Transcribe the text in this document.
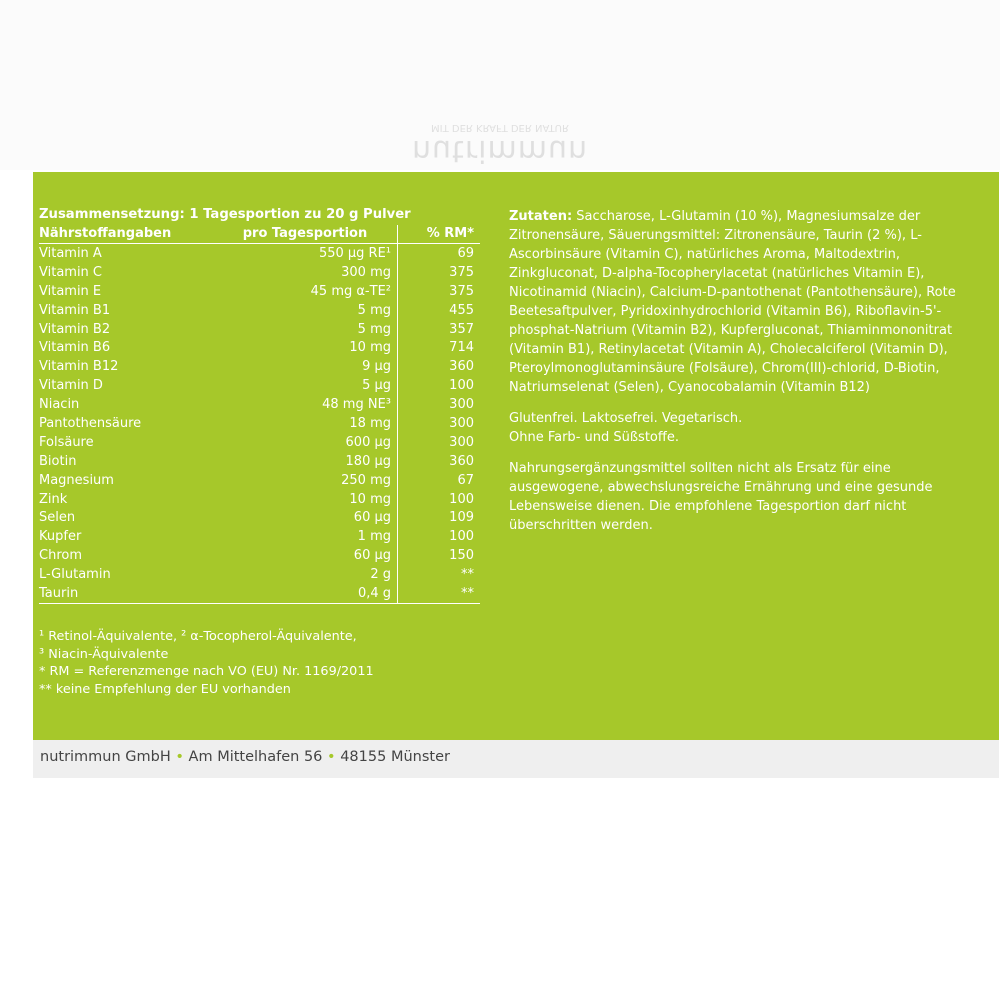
nutrimmun
MIT DER KRAFT DER NATUR
Zusammensetzung: 1 Tagesportion zu 20 g Pulver
Nährstoffangaben	pro Tagesportion	% RM*
Vitamin A	550 µg RE¹	69
Vitamin C	300 mg	375
Vitamin E	45 mg α-TE²	375
Vitamin B1	5 mg	455
Vitamin B2	5 mg	357
Vitamin B6	10 mg	714
Vitamin B12	9 µg	360
Vitamin D	5 µg	100
Niacin	48 mg NE³	300
Pantothensäure	18 mg	300
Folsäure	600 µg	300
Biotin	180 µg	360
Magnesium	250 mg	67
Zink	10 mg	100
Selen	60 µg	109
Kupfer	1 mg	100
Chrom	60 µg	150
L-Glutamin	2 g	**
Taurin	0,4 g	**
¹ Retinol-Äquivalente, ² α-Tocopherol-Äquivalente,
³ Niacin-Äquivalente
* RM = Referenzmenge nach VO (EU) Nr. 1169/2011
** keine Empfehlung der EU vorhanden

Zutaten: Saccharose, L-Glutamin (10 %), Magnesiumsalze der Zitronensäure, Säuerungsmittel: Zitronensäure, Taurin (2 %), L-Ascorbinsäure (Vitamin C), natürliches Aroma, Maltodextrin, Zinkgluconat, D-alpha-Tocopherylacetat (natürliches Vitamin E), Nicotinamid (Niacin), Calcium-D-pantothenat (Pantothensäure), Rote Beetesaftpulver, Pyridoxinhydrochlorid (Vitamin B6), Riboflavin-5'-phosphat-Natrium (Vitamin B2), Kupfergluconat, Thiaminmononitrat (Vitamin B1), Retinylacetat (Vitamin A), Cholecalciferol (Vitamin D), Pteroylmonoglutaminsäure (Folsäure), Chrom(III)-chlorid, D-Biotin, Natriumselenat (Selen), Cyanocobalamin (Vitamin B12)

Glutenfrei. Laktosefrei. Vegetarisch.
Ohne Farb- und Süßstoffe.

Nahrungsergänzungsmittel sollten nicht als Ersatz für eine ausgewogene, abwechslungsreiche Ernährung und eine gesunde Lebensweise dienen. Die empfohlene Tagesportion darf nicht überschritten werden.

nutrimmun GmbH • Am Mittelhafen 56 • 48155 Münster
